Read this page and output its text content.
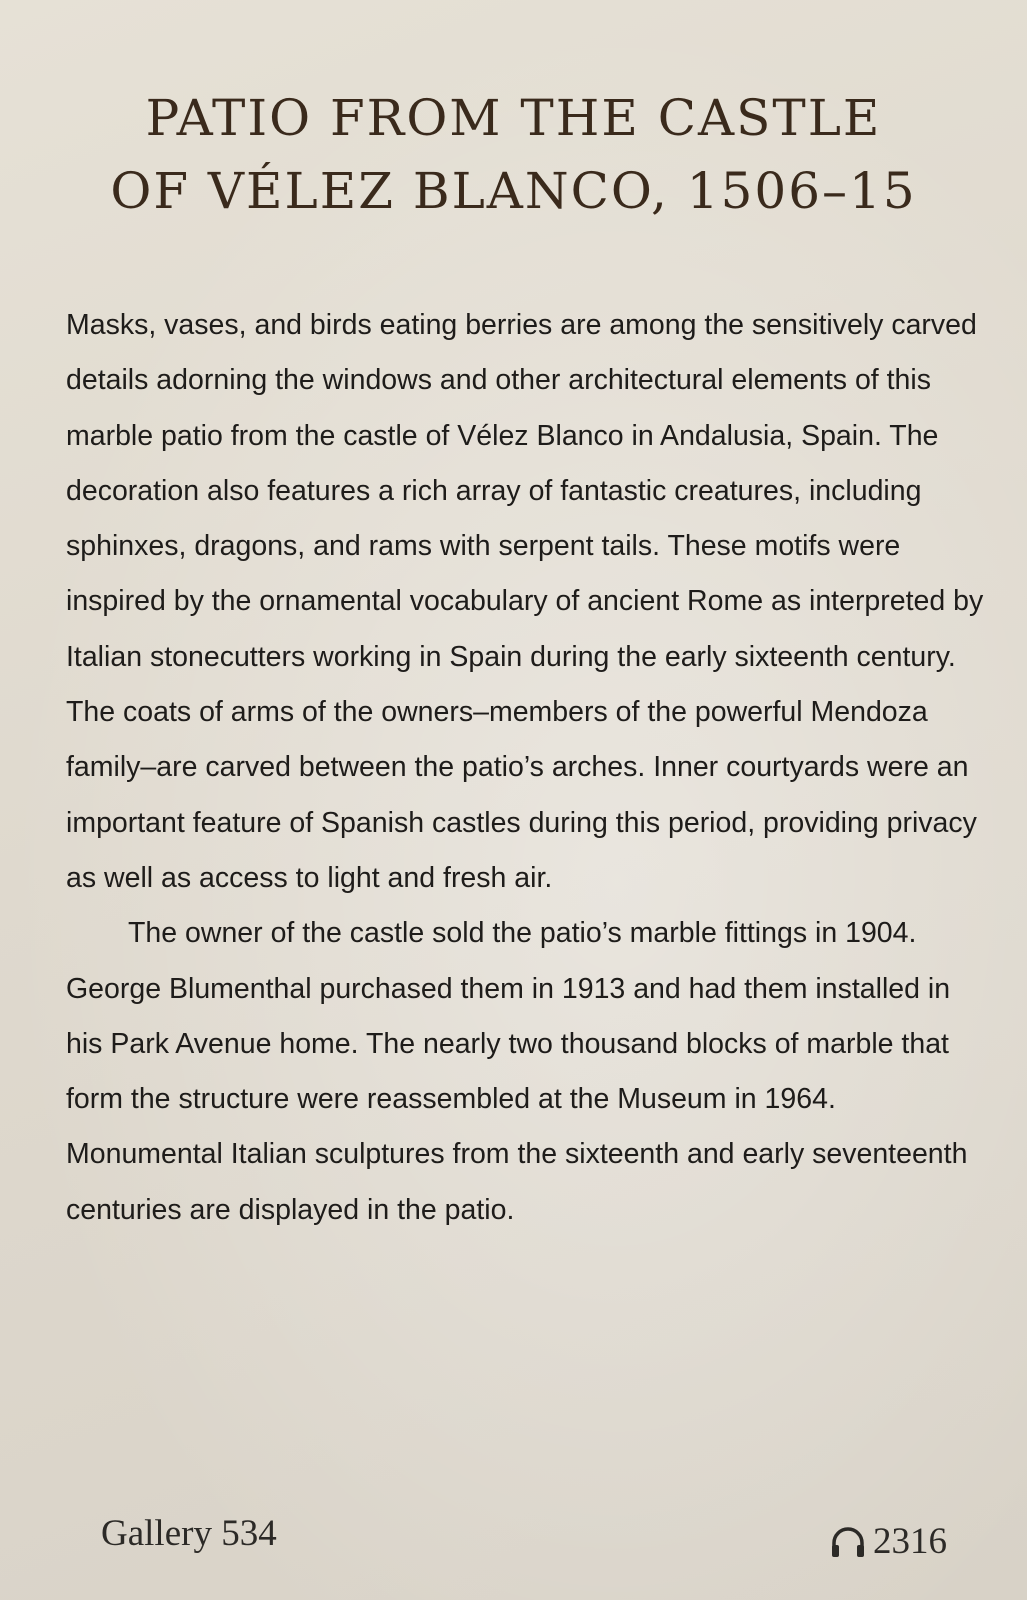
PATIO FROM THE CASTLE
OF VÉLEZ BLANCO, 1506–15

Masks, vases, and birds eating berries are among the sensitively carved details adorning the windows and other architectural elements of this marble patio from the castle of Vélez Blanco in Andalusia, Spain. The decoration also features a rich array of fantastic creatures, including sphinxes, dragons, and rams with serpent tails. These motifs were inspired by the ornamental vocabulary of ancient Rome as interpreted by Italian stonecutters working in Spain during the early sixteenth century. The coats of arms of the owners–members of the powerful Mendoza family–are carved between the patio’s arches. Inner courtyards were an important feature of Spanish castles during this period, providing privacy as well as access to light and fresh air.

The owner of the castle sold the patio’s marble fittings in 1904. George Blumenthal purchased them in 1913 and had them installed in his Park Avenue home. The nearly two thousand blocks of marble that form the structure were reassembled at the Museum in 1964. Monumental Italian sculptures from the sixteenth and early seventeenth centuries are displayed in the patio.

Gallery 534	2316
